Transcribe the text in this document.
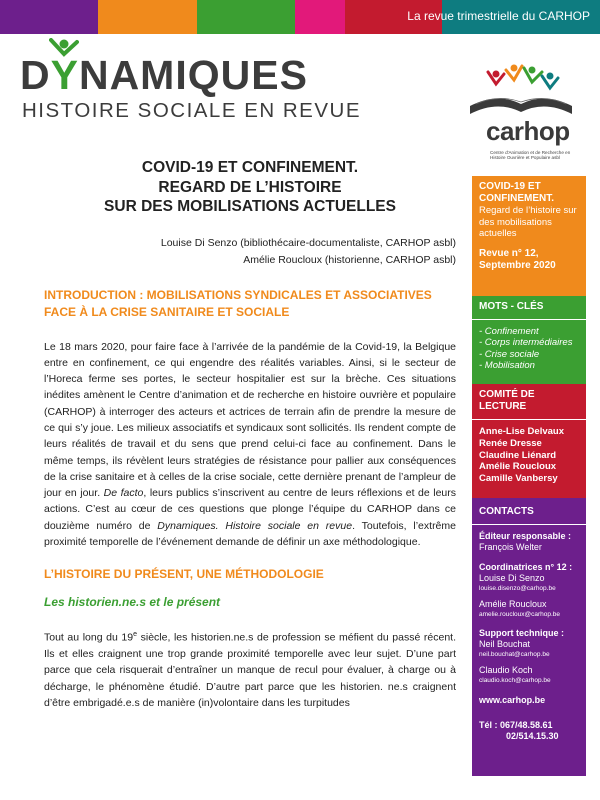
La revue trimestrielle du CARHOP
DY
NAMIQUES
HISTOIRE SOCIALE EN REVUE
carhop
Centre d'Animation et de Recherche en Histoire Ouvrière et Populaire asbl
COVID-19 ET CONFINEMENT.
REGARD DE L’HISTOIRE
SUR DES MOBILISATIONS ACTUELLES
Louise Di Senzo (bibliothécaire-documentaliste, CARHOP asbl)
Amélie Roucloux (historienne, CARHOP asbl)
INTRODUCTION : MOBILISATIONS SYNDICALES ET ASSOCIATIVES FACE À LA CRISE SANITAIRE ET SOCIALE

Le 18 mars 2020, pour faire face à l’arrivée de la pandémie de la Covid-19, la Belgique entre en confinement, ce qui engendre des réalités variables. Ainsi, si le secteur de l’Horeca ferme ses portes, le secteur hospitalier est sur la brèche. Ces situations inédites amènent le Centre d’animation et de recherche en histoire ouvrière et populaire (CARHOP) à interroger des acteurs et actrices de terrain afin de prendre la mesure de ce qui s’y joue. Les milieux associatifs et syndicaux sont sollicités. Ils rendent compte de leurs réalités de travail et du sens que prend celui-ci face au confinement. Dans le même temps, ils révèlent leurs stratégies de résistance pour pallier aux conséquences de la crise sanitaire et à celles de la crise sociale, cette dernière prenant de l’ampleur de jour en jour. De facto, leurs publics s’inscrivent au centre de leurs réflexions et de leurs actions. C’est au cœur de ces questions que plonge l’équipe du CARHOP dans ce douzième numéro de Dynamiques. Histoire sociale en revue. Toutefois, l’extrême proximité temporelle de l’événement demande de définir un axe méthodologique.

L’HISTOIRE DU PRÉSENT, UNE MÉTHODOLOGIE
Les historien.ne.s et le présent

Tout au long du 19e siècle, les historien.ne.s de profession se méfient du passé récent. Ils et elles craignent une trop grande proximité temporelle avec leur sujet. D’une part parce que cela risquerait d’entraîner un manque de recul pour évaluer, à charge ou à décharge, le phénomène étudié. D’autre part parce que les historien. ne.s craignent d’être embrigadé.e.s de manière (in)volontaire dans les turpitudes

COVID-19 ET CONFINEMENT.
Regard de l’histoire sur des mobilisations actuelles
Revue n° 12, Septembre 2020
MOTS - CLÉS
- Confinement
- Corps intermédiaires
- Crise sociale
- Mobilisation
COMITÉ DE LECTURE
Anne-Lise Delvaux
Renée Dresse
Claudine Liénard
Amélie Roucloux
Camille Vanbersy
CONTACTS
Éditeur responsable :
François Welter
Coordinatrices n° 12 :
Louise Di Senzo
louise.disenzo@carhop.be
Amélie Roucloux
amelie.roucloux@carhop.be
Support technique :
Neil Bouchat
neil.bouchat@carhop.be
Claudio Koch
claudio.koch@carhop.be
www.carhop.be
Tél : 067/48.58.61
02/514.15.30
